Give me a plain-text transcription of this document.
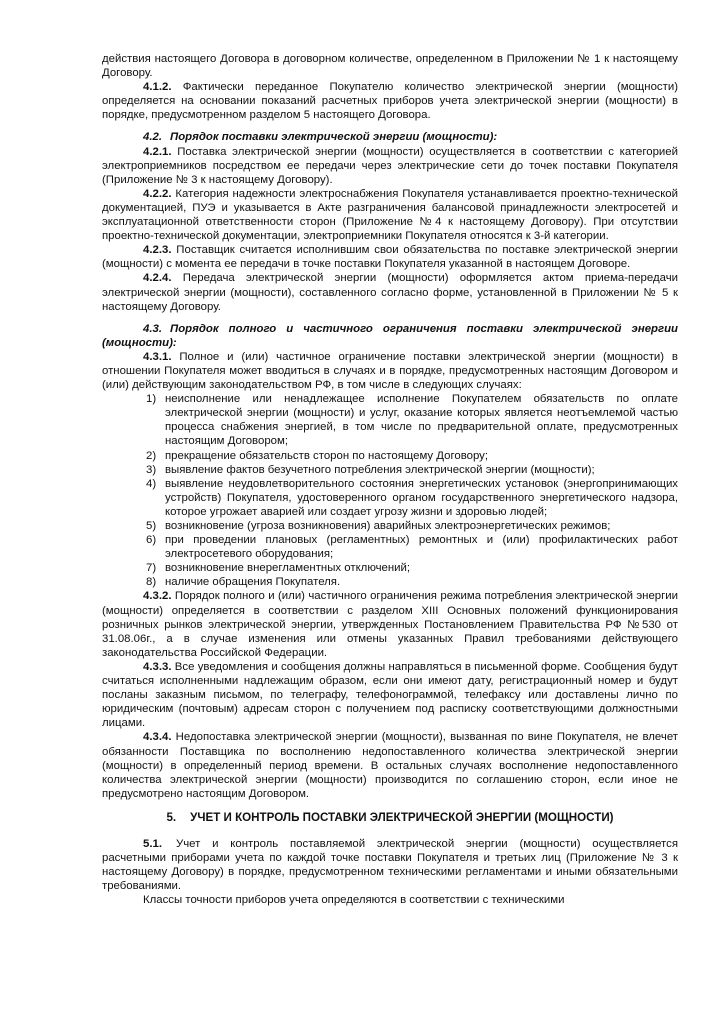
действия настоящего Договора в договорном количестве, определенном в Приложении № 1 к настоящему Договору.

4.1.2. Фактически переданное Покупателю количество электрической энергии (мощности) определяется на основании показаний расчетных приборов учета электрической энергии (мощности) в порядке, предусмотренном разделом 5 настоящего Договора.

4.2. Порядок поставки электрической энергии (мощности):

4.2.1. Поставка электрической энергии (мощности) осуществляется в соответствии с категорией электроприемников посредством ее передачи через электрические сети до точек поставки Покупателя (Приложение № 3 к настоящему Договору).

4.2.2. Категория надежности электроснабжения Покупателя устанавливается проектно-технической документацией, ПУЭ и указывается в Акте разграничения балансовой принадлежности электросетей и эксплуатационной ответственности сторон (Приложение №4 к настоящему Договору). При отсутствии проектно-технической документации, электроприемники Покупателя относятся к 3-й категории.

4.2.3. Поставщик считается исполнившим свои обязательства по поставке электрической энергии (мощности) с момента ее передачи в точке поставки Покупателя указанной в настоящем Договоре.

4.2.4. Передача электрической энергии (мощности) оформляется актом приема-передачи электрической энергии (мощности), составленного согласно форме, установленной в Приложении № 5 к настоящему Договору.

4.3. Порядок полного и частичного ограничения поставки электрической энергии (мощности):

4.3.1. Полное и (или) частичное ограничение поставки электрической энергии (мощности) в отношении Покупателя может вводиться в случаях и в порядке, предусмотренных настоящим Договором и (или) действующим законодательством РФ, в том числе в следующих случаях:

1) неисполнение или ненадлежащее исполнение Покупателем обязательств по оплате электрической энергии (мощности) и услуг, оказание которых является неотъемлемой частью процесса снабжения энергией, в том числе по предварительной оплате, предусмотренных настоящим Договором;
2) прекращение обязательств сторон по настоящему Договору;
3) выявление фактов безучетного потребления электрической энергии (мощности);
4) выявление неудовлетворительного состояния энергетических установок (энергопринимающих устройств) Покупателя, удостоверенного органом государственного энергетического надзора, которое угрожает аварией или создает угрозу жизни и здоровью людей;
5) возникновение (угроза возникновения) аварийных электроэнергетических режимов;
6) при проведении плановых (регламентных) ремонтных и (или) профилактических работ электросетевого оборудования;
7) возникновение внерегламентных отключений;
8) наличие обращения Покупателя.

4.3.2. Порядок полного и (или) частичного ограничения режима потребления электрической энергии (мощности) определяется в соответствии с разделом XIII Основных положений функционирования розничных рынков электрической энергии, утвержденных Постановлением Правительства РФ №530 от 31.08.06г., а в случае изменения или отмены указанных Правил требованиями действующего законодательства Российской Федерации.

4.3.3. Все уведомления и сообщения должны направляться в письменной форме. Сообщения будут считаться исполненными надлежащим образом, если они имеют дату, регистрационный номер и будут посланы заказным письмом, по телеграфу, телефонограммой, телефаксу или доставлены лично по юридическим (почтовым) адресам сторон с получением под расписку соответствующими должностными лицами.

4.3.4. Недопоставка электрической энергии (мощности), вызванная по вине Покупателя, не влечет обязанности Поставщика по восполнению недопоставленного количества электрической энергии (мощности) в определенный период времени. В остальных случаях восполнение недопоставленного количества электрической энергии (мощности) производится по соглашению сторон, если иное не предусмотрено настоящим Договором.

5. УЧЕТ И КОНТРОЛЬ ПОСТАВКИ ЭЛЕКТРИЧЕСКОЙ ЭНЕРГИИ (МОЩНОСТИ)

5.1. Учет и контроль поставляемой электрической энергии (мощности) осуществляется расчетными приборами учета по каждой точке поставки Покупателя и третьих лиц (Приложение № 3 к настоящему Договору) в порядке, предусмотренном техническими регламентами и иными обязательными требованиями.

Классы точности приборов учета определяются в соответствии с техническими
